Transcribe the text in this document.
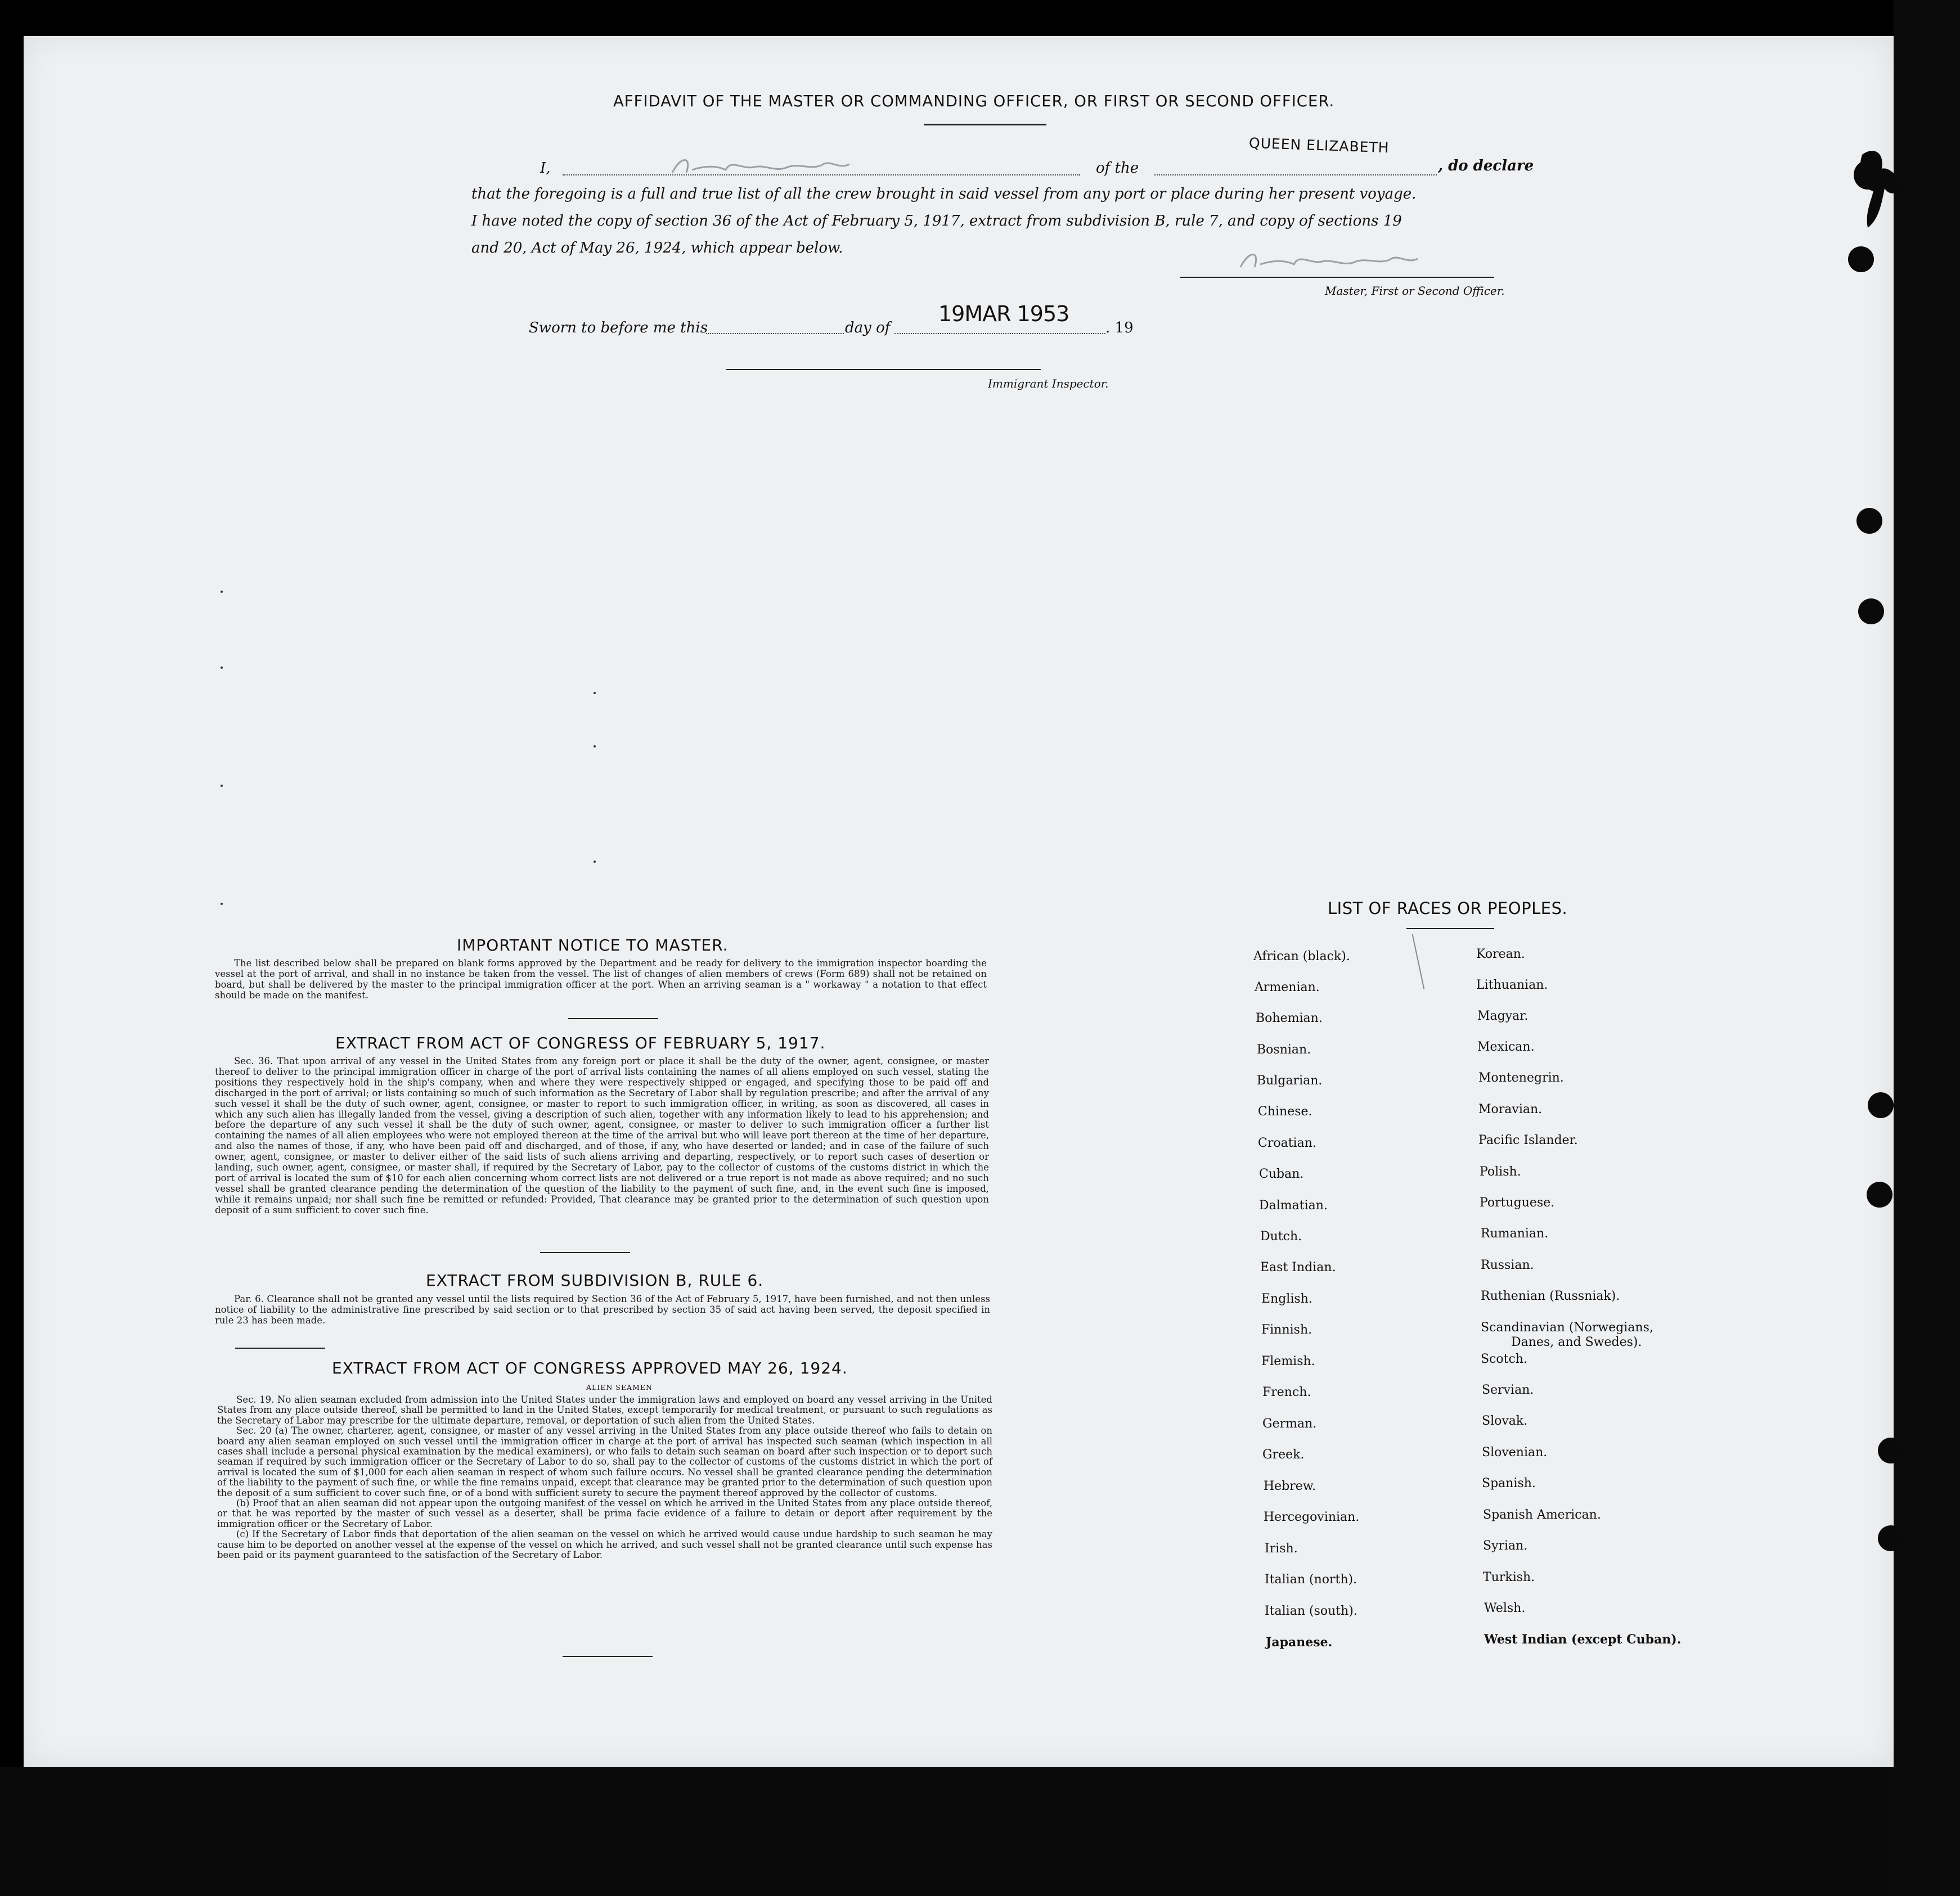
AFFIDAVIT OF THE MASTER OR COMMANDING OFFICER, OR FIRST OR SECOND OFFICER.
I,	of the
QUEEN ELIZABETH
, do declare
that the foregoing is a full and true list of all the crew brought in said vessel from any port or place during her present voyage.
I have noted the copy of section 36 of the Act of February 5, 1917, extract from subdivision B, rule 7, and copy of sections 19
and 20, Act of May 26, 1924, which appear below.
Master, First or Second Officer.
Sworn to before me this	day of
19MAR 1953
. 19
Immigrant Inspector.
IMPORTANT NOTICE TO MASTER.

The list described below shall be prepared on blank forms approved by the Department and be ready for delivery to the immigration inspector boarding the vessel at the port of arrival, and shall in no instance be taken from the vessel. The list of changes of alien members of crews (Form 689) shall not be retained on board, but shall be delivered by the master to the principal immigration officer at the port. When an arriving seaman is a " workaway " a notation to that effect should be made on the manifest.

EXTRACT FROM ACT OF CONGRESS OF FEBRUARY 5, 1917.

Sec. 36. That upon arrival of any vessel in the United States from any foreign port or place it shall be the duty of the owner, agent, consignee, or master thereof to deliver to the principal immigration officer in charge of the port of arrival lists containing the names of all aliens employed on such vessel, stating the positions they respectively hold in the ship's company, when and where they were respectively shipped or engaged, and specifying those to be paid off and discharged in the port of arrival; or lists containing so much of such information as the Secretary of Labor shall by regulation prescribe; and after the arrival of any such vessel it shall be the duty of such owner, agent, consignee, or master to report to such immigration officer, in writing, as soon as discovered, all cases in which any such alien has illegally landed from the vessel, giving a description of such alien, together with any information likely to lead to his apprehension; and before the departure of any such vessel it shall be the duty of such owner, agent, consignee, or master to deliver to such immigration officer a further list containing the names of all alien employees who were not employed thereon at the time of the arrival but who will leave port thereon at the time of her departure, and also the names of those, if any, who have been paid off and discharged, and of those, if any, who have deserted or landed; and in case of the failure of such owner, agent, consignee, or master to deliver either of the said lists of such aliens arriving and departing, respectively, or to report such cases of desertion or landing, such owner, agent, consignee, or master shall, if required by the Secretary of Labor, pay to the collector of customs of the customs district in which the port of arrival is located the sum of $10 for each alien concerning whom correct lists are not delivered or a true report is not made as above required; and no such vessel shall be granted clearance pending the determination of the question of the liability to the payment of such fine, and, in the event such fine is imposed, while it remains unpaid; nor shall such fine be remitted or refunded: Provided, That clearance may be granted prior to the determination of such question upon deposit of a sum sufficient to cover such fine.

EXTRACT FROM SUBDIVISION B, RULE 6.

Par. 6. Clearance shall not be granted any vessel until the lists required by Section 36 of the Act of February 5, 1917, have been furnished, and not then unless notice of liability to the administrative fine prescribed by said section or to that prescribed by section 35 of said act having been served, the deposit specified in rule 23 has been made.

EXTRACT FROM ACT OF CONGRESS APPROVED MAY 26, 1924.
ALIEN SEAMEN

Sec. 19. No alien seaman excluded from admission into the United States under the immigration laws and employed on board any vessel arriving in the United States from any place outside thereof, shall be permitted to land in the United States, except temporarily for medical treatment, or pursuant to such regulations as the Secretary of Labor may prescribe for the ultimate departure, removal, or deportation of such alien from the United States.

Sec. 20 (a) The owner, charterer, agent, consignee, or master of any vessel arriving in the United States from any place outside thereof who fails to detain on board any alien seaman employed on such vessel until the immigration officer in charge at the port of arrival has inspected such seaman (which inspection in all cases shall include a personal physical examination by the medical examiners), or who fails to detain such seaman on board after such inspection or to deport such seaman if required by such immigration officer or the Secretary of Labor to do so, shall pay to the collector of customs of the customs district in which the port of arrival is located the sum of $1,000 for each alien seaman in respect of whom such failure occurs. No vessel shall be granted clearance pending the determination of the liability to the payment of such fine, or while the fine remains unpaid, except that clearance may be granted prior to the determination of such question upon the deposit of a sum sufficient to cover such fine, or of a bond with sufficient surety to secure the payment thereof approved by the collector of customs.

(b) Proof that an alien seaman did not appear upon the outgoing manifest of the vessel on which he arrived in the United States from any place outside thereof, or that he was reported by the master of such vessel as a deserter, shall be prima facie evidence of a failure to detain or deport after requirement by the immigration officer or the Secretary of Labor.

(c) If the Secretary of Labor finds that deportation of the alien seaman on the vessel on which he arrived would cause undue hardship to such seaman he may cause him to be deported on another vessel at the expense of the vessel on which he arrived, and such vessel shall not be granted clearance until such expense has been paid or its payment guaranteed to the satisfaction of the Secretary of Labor.

LIST OF RACES OR PEOPLES.
African (black).
Armenian.
Bohemian.
Bosnian.
Bulgarian.
Chinese.
Croatian.
Cuban.
Dalmatian.
Dutch.
East Indian.
English.
Finnish.
Flemish.
French.
German.
Greek.
Hebrew.
Hercegovinian.
Irish.
Italian (north).
Italian (south).
Japanese.
Korean.
Lithuanian.
Magyar.
Mexican.
Montenegrin.
Moravian.
Pacific Islander.
Polish.
Portuguese.
Rumanian.
Russian.
Ruthenian (Russniak).
Scandinavian (Norwegians,
Danes, and Swedes).
Scotch.
Servian.
Slovak.
Slovenian.
Spanish.
Spanish American.
Syrian.
Turkish.
Welsh.
West Indian (except Cuban).
